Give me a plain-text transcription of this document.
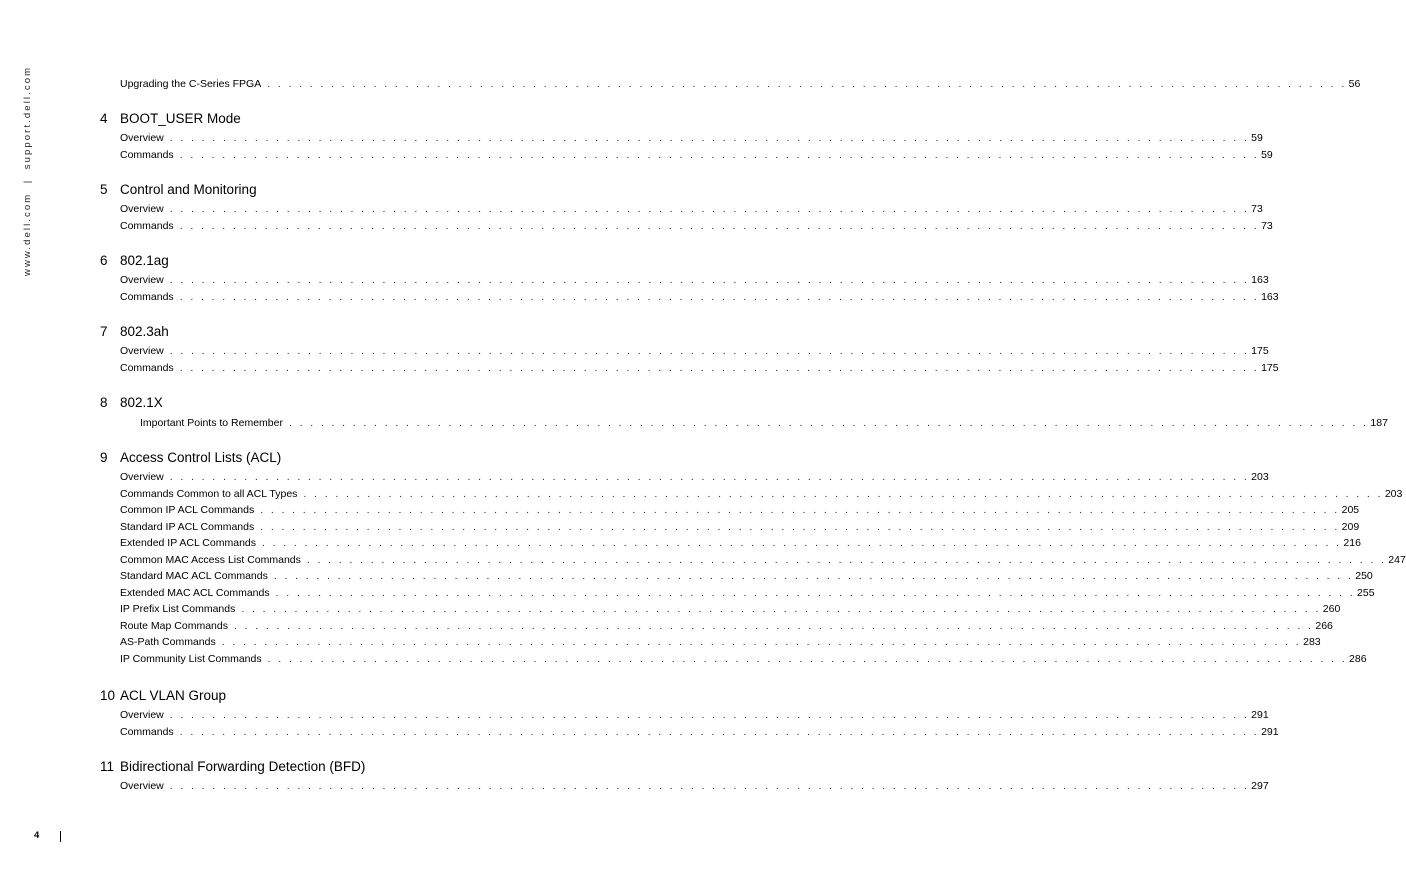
www.dell.com  |  support.dell.com	Upgrading the C-Series FPGA . . . . . . . . . . . . . . . . . . . . . . . . . . . . . . . . . . . . . . . . . . . . . . . . . . . . . . . . . . . . . . . . . . . . . . . . . . . . . . . . . . . . . . . . . . . . . . . . . . . . . . 56
4 BOOT_USER Mode
Overview . . . . . . . . . . . . . . . . . . . . . . . . . . . . . . . . . . . . . . . . . . . . . . . . . . . . . . . . . . . . . . . . . . . . . . . . . . . . . . . . . . . . . . . . . . . . . . . . . . . . . . 59
Commands . . . . . . . . . . . . . . . . . . . . . . . . . . . . . . . . . . . . . . . . . . . . . . . . . . . . . . . . . . . . . . . . . . . . . . . . . . . . . . . . . . . . . . . . . . . . . . . . . . . . . . 59
5 Control and Monitoring
Overview . . . . . . . . . . . . . . . . . . . . . . . . . . . . . . . . . . . . . . . . . . . . . . . . . . . . . . . . . . . . . . . . . . . . . . . . . . . . . . . . . . . . . . . . . . . . . . . . . . . . . . 73
Commands . . . . . . . . . . . . . . . . . . . . . . . . . . . . . . . . . . . . . . . . . . . . . . . . . . . . . . . . . . . . . . . . . . . . . . . . . . . . . . . . . . . . . . . . . . . . . . . . . . . . . . 73
6 802.1ag
Overview . . . . . . . . . . . . . . . . . . . . . . . . . . . . . . . . . . . . . . . . . . . . . . . . . . . . . . . . . . . . . . . . . . . . . . . . . . . . . . . . . . . . . . . . . . . . . . . . . . . . . . 163
Commands . . . . . . . . . . . . . . . . . . . . . . . . . . . . . . . . . . . . . . . . . . . . . . . . . . . . . . . . . . . . . . . . . . . . . . . . . . . . . . . . . . . . . . . . . . . . . . . . . . . . . . 163
7 802.3ah
Overview . . . . . . . . . . . . . . . . . . . . . . . . . . . . . . . . . . . . . . . . . . . . . . . . . . . . . . . . . . . . . . . . . . . . . . . . . . . . . . . . . . . . . . . . . . . . . . . . . . . . . . 175
Commands . . . . . . . . . . . . . . . . . . . . . . . . . . . . . . . . . . . . . . . . . . . . . . . . . . . . . . . . . . . . . . . . . . . . . . . . . . . . . . . . . . . . . . . . . . . . . . . . . . . . . . 175
8 802.1X
Important Points to Remember . . . . . . . . . . . . . . . . . . . . . . . . . . . . . . . . . . . . . . . . . . . . . . . . . . . . . . . . . . . . . . . . . . . . . . . . . . . . . . . . . . . . . . . . . . . . . . . . . . . . . . 187
9 Access Control Lists (ACL)
Overview . . . . . . . . . . . . . . . . . . . . . . . . . . . . . . . . . . . . . . . . . . . . . . . . . . . . . . . . . . . . . . . . . . . . . . . . . . . . . . . . . . . . . . . . . . . . . . . . . . . . . . 203
Commands Common to all ACL Types . . . . . . . . . . . . . . . . . . . . . . . . . . . . . . . . . . . . . . . . . . . . . . . . . . . . . . . . . . . . . . . . . . . . . . . . . . . . . . . . . . . . . . . . . . . . . . . . . . . . . . 203
Common IP ACL Commands . . . . . . . . . . . . . . . . . . . . . . . . . . . . . . . . . . . . . . . . . . . . . . . . . . . . . . . . . . . . . . . . . . . . . . . . . . . . . . . . . . . . . . . . . . . . . . . . . . . . . . 205
Standard IP ACL Commands . . . . . . . . . . . . . . . . . . . . . . . . . . . . . . . . . . . . . . . . . . . . . . . . . . . . . . . . . . . . . . . . . . . . . . . . . . . . . . . . . . . . . . . . . . . . . . . . . . . . . . 209
Extended IP ACL Commands . . . . . . . . . . . . . . . . . . . . . . . . . . . . . . . . . . . . . . . . . . . . . . . . . . . . . . . . . . . . . . . . . . . . . . . . . . . . . . . . . . . . . . . . . . . . . . . . . . . . . . 216
Common MAC Access List Commands . . . . . . . . . . . . . . . . . . . . . . . . . . . . . . . . . . . . . . . . . . . . . . . . . . . . . . . . . . . . . . . . . . . . . . . . . . . . . . . . . . . . . . . . . . . . . . . . . . . . . . 247
Standard MAC ACL Commands . . . . . . . . . . . . . . . . . . . . . . . . . . . . . . . . . . . . . . . . . . . . . . . . . . . . . . . . . . . . . . . . . . . . . . . . . . . . . . . . . . . . . . . . . . . . . . . . . . . . . . 250
Extended MAC ACL Commands . . . . . . . . . . . . . . . . . . . . . . . . . . . . . . . . . . . . . . . . . . . . . . . . . . . . . . . . . . . . . . . . . . . . . . . . . . . . . . . . . . . . . . . . . . . . . . . . . . . . . . 255
IP Prefix List Commands . . . . . . . . . . . . . . . . . . . . . . . . . . . . . . . . . . . . . . . . . . . . . . . . . . . . . . . . . . . . . . . . . . . . . . . . . . . . . . . . . . . . . . . . . . . . . . . . . . . . . . 260
Route Map Commands . . . . . . . . . . . . . . . . . . . . . . . . . . . . . . . . . . . . . . . . . . . . . . . . . . . . . . . . . . . . . . . . . . . . . . . . . . . . . . . . . . . . . . . . . . . . . . . . . . . . . . 266
AS-Path Commands . . . . . . . . . . . . . . . . . . . . . . . . . . . . . . . . . . . . . . . . . . . . . . . . . . . . . . . . . . . . . . . . . . . . . . . . . . . . . . . . . . . . . . . . . . . . . . . . . . . . . . 283
IP Community List Commands . . . . . . . . . . . . . . . . . . . . . . . . . . . . . . . . . . . . . . . . . . . . . . . . . . . . . . . . . . . . . . . . . . . . . . . . . . . . . . . . . . . . . . . . . . . . . . . . . . . . . . 286
10 ACL VLAN Group
Overview . . . . . . . . . . . . . . . . . . . . . . . . . . . . . . . . . . . . . . . . . . . . . . . . . . . . . . . . . . . . . . . . . . . . . . . . . . . . . . . . . . . . . . . . . . . . . . . . . . . . . . 291
Commands . . . . . . . . . . . . . . . . . . . . . . . . . . . . . . . . . . . . . . . . . . . . . . . . . . . . . . . . . . . . . . . . . . . . . . . . . . . . . . . . . . . . . . . . . . . . . . . . . . . . . . 291
11 Bidirectional Forwarding Detection (BFD)
Overview . . . . . . . . . . . . . . . . . . . . . . . . . . . . . . . . . . . . . . . . . . . . . . . . . . . . . . . . . . . . . . . . . . . . . . . . . . . . . . . . . . . . . . . . . . . . . . . . . . . . . . 297
4
